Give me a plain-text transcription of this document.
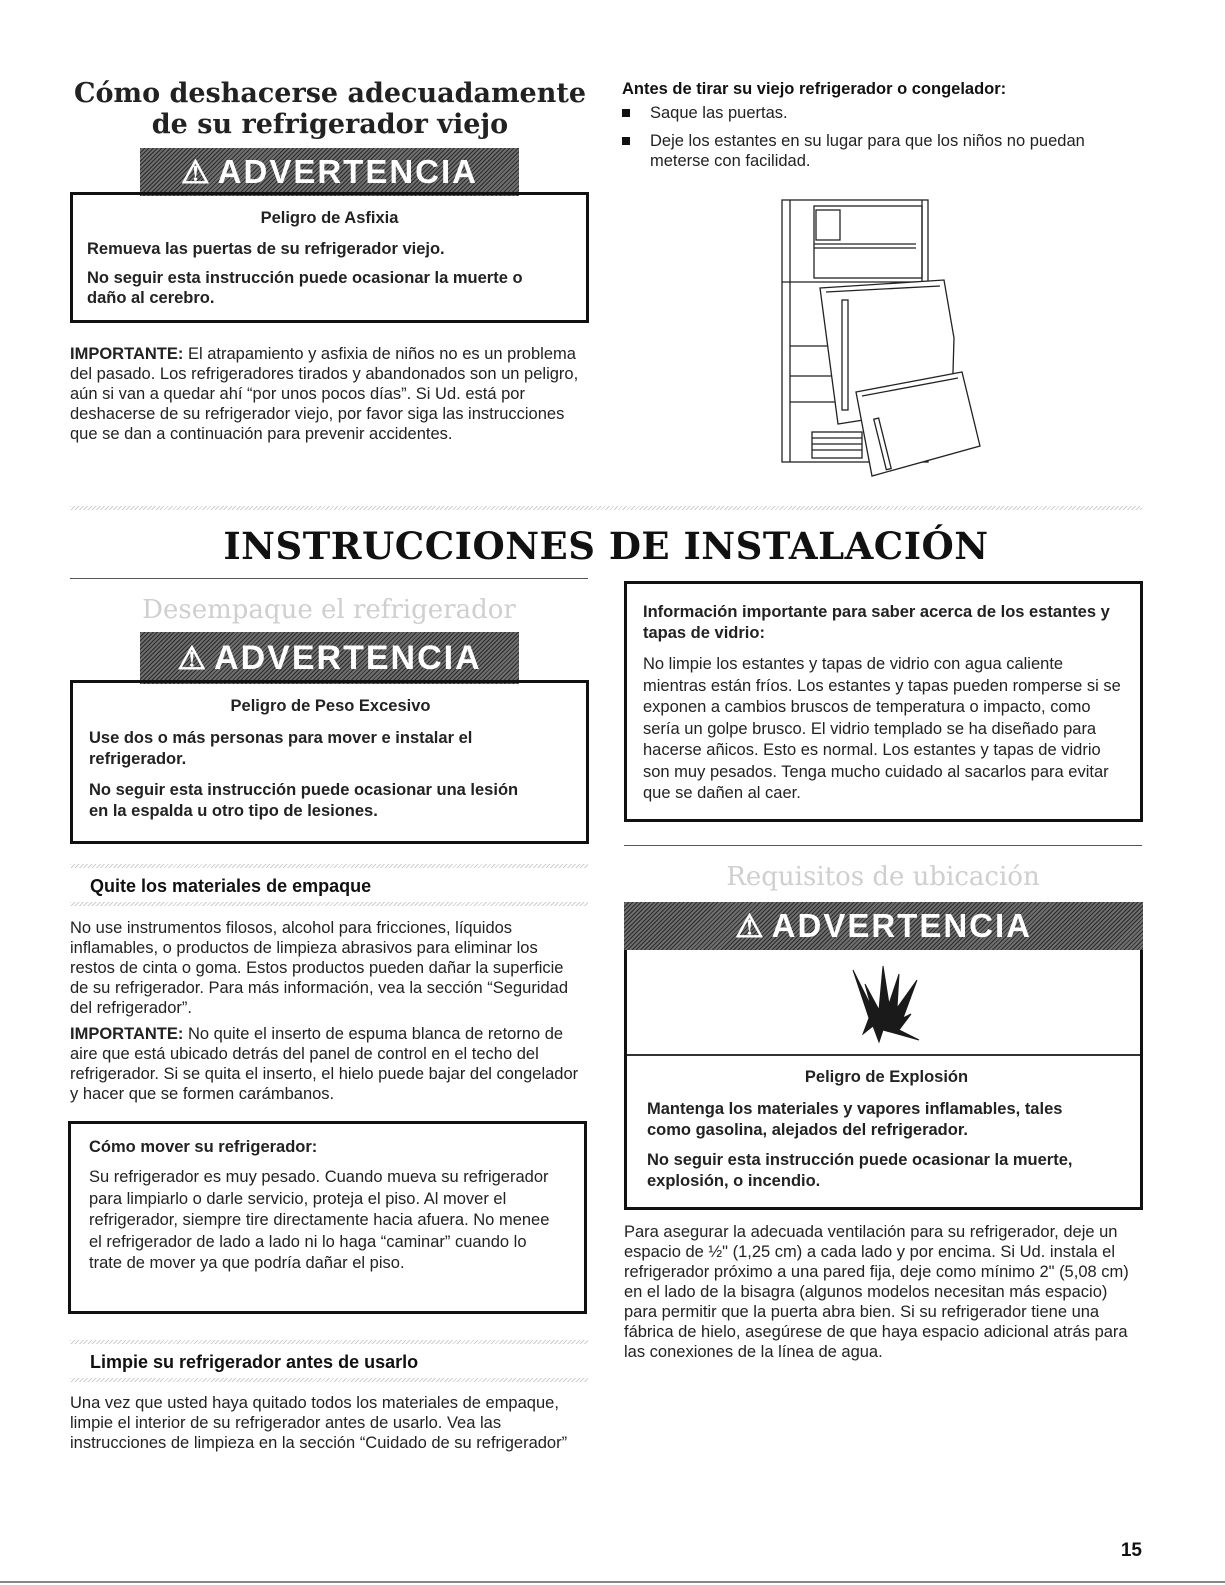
Cómo deshacerse adecuadamente de su refrigerador viejo
⚠ ADVERTENCIA
Peligro de Asfixia
Remueva las puertas de su refrigerador viejo.
No seguir esta instrucción puede ocasionar la muerte o daño al cerebro.
IMPORTANTE: El atrapamiento y asfixia de niños no es un problema del pasado. Los refrigeradores tirados y abandonados son un peligro, aún si van a quedar ahí “por unos pocos días”. Si Ud. está por deshacerse de su refrigerador viejo, por favor siga las instrucciones que se dan a continuación para prevenir accidentes.
Antes de tirar su viejo refrigerador o congelador:
Saque las puertas.
Deje los estantes en su lugar para que los niños no puedan meterse con facilidad.
INSTRUCCIONES DE INSTALACIÓN
Desempaque el refrigerador
⚠ ADVERTENCIA
Peligro de Peso Excesivo
Use dos o más personas para mover e instalar el refrigerador.
No seguir esta instrucción puede ocasionar una lesión en la espalda u otro tipo de lesiones.
Quite los materiales de empaque
No use instrumentos filosos, alcohol para fricciones, líquidos inflamables, o productos de limpieza abrasivos para eliminar los restos de cinta o goma. Estos productos pueden dañar la superficie de su refrigerador. Para más información, vea la sección “Seguridad del refrigerador”.
IMPORTANTE: No quite el inserto de espuma blanca de retorno de aire que está ubicado detrás del panel de control en el techo del refrigerador. Si se quita el inserto, el hielo puede bajar del congelador y hacer que se formen carámbanos.
Cómo mover su refrigerador:
Su refrigerador es muy pesado. Cuando mueva su refrigerador para limpiarlo o darle servicio, proteja el piso. Al mover el refrigerador, siempre tire directamente hacia afuera. No menee el refrigerador de lado a lado ni lo haga “caminar” cuando lo trate de mover ya que podría dañar el piso.
Limpie su refrigerador antes de usarlo
Una vez que usted haya quitado todos los materiales de empaque, limpie el interior de su refrigerador antes de usarlo. Vea las instrucciones de limpieza en la sección “Cuidado de su refrigerador”
Información importante para saber acerca de los estantes y tapas de vidrio:
No limpie los estantes y tapas de vidrio con agua caliente mientras están fríos. Los estantes y tapas pueden romperse si se exponen a cambios bruscos de temperatura o impacto, como sería un golpe brusco. El vidrio templado se ha diseñado para hacerse añicos. Esto es normal. Los estantes y tapas de vidrio son muy pesados. Tenga mucho cuidado al sacarlos para evitar que se dañen al caer.
Requisitos de ubicación
⚠ ADVERTENCIA
Peligro de Explosión
Mantenga los materiales y vapores inflamables, tales como gasolina, alejados del refrigerador.
No seguir esta instrucción puede ocasionar la muerte, explosión, o incendio.
Para asegurar la adecuada ventilación para su refrigerador, deje un espacio de ½" (1,25 cm) a cada lado y por encima. Si Ud. instala el refrigerador próximo a una pared fija, deje como mínimo 2" (5,08 cm) en el lado de la bisagra (algunos modelos necesitan más espacio) para permitir que la puerta abra bien. Si su refrigerador tiene una fábrica de hielo, asegúrese de que haya espacio adicional atrás para las conexiones de la línea de agua.
15
